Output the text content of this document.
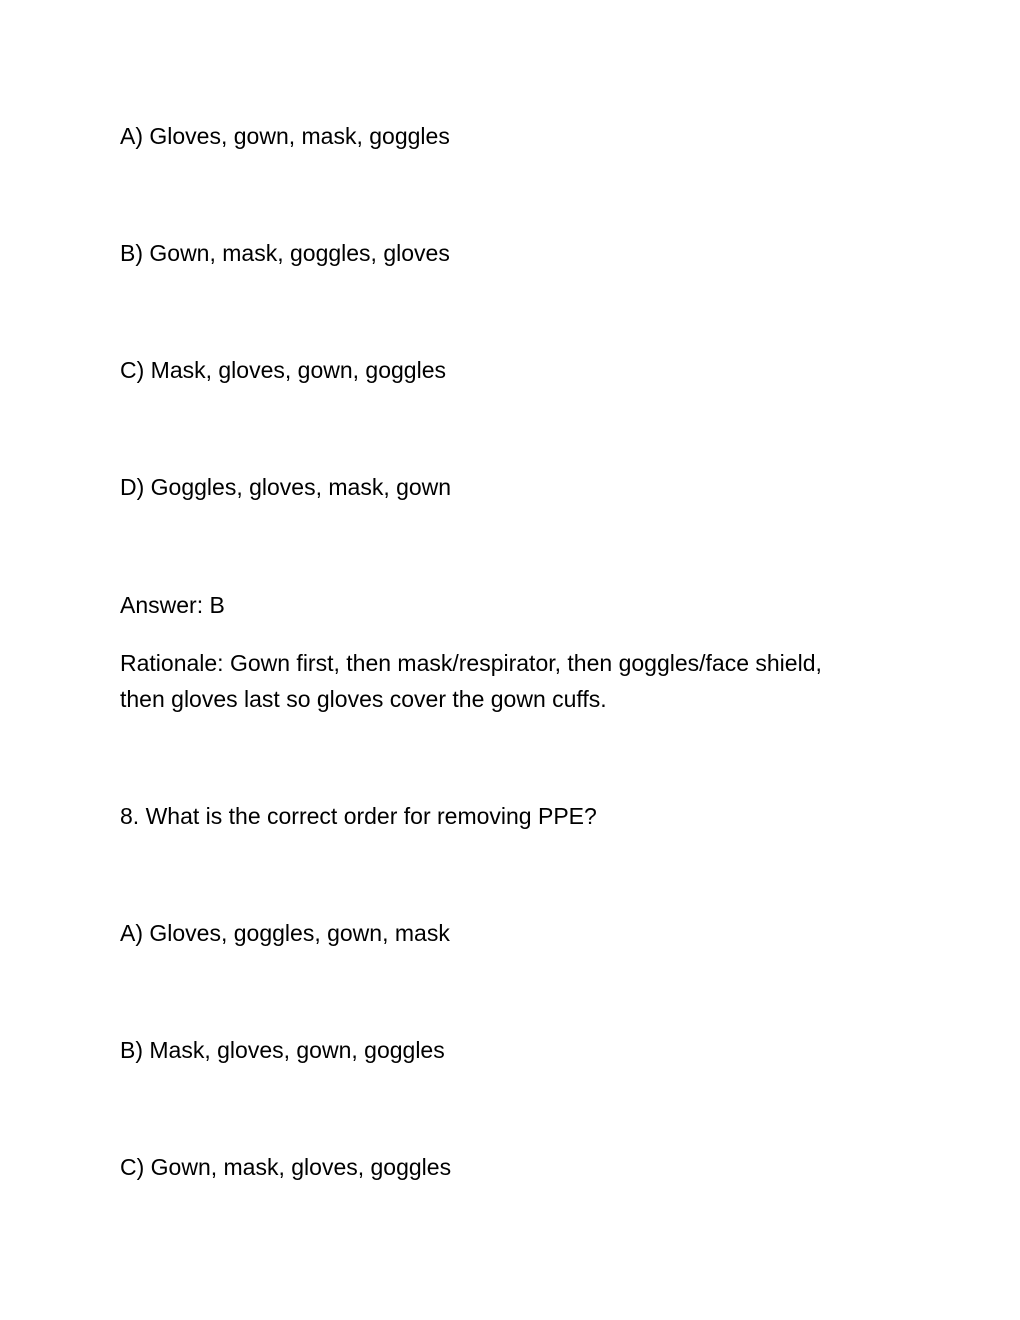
A) Gloves, gown, mask, goggles
B) Gown, mask, goggles, gloves
C) Mask, gloves, gown, goggles
D) Goggles, gloves, mask, gown
Answer: B
Rationale: Gown first, then mask/respirator, then goggles/face shield,
then gloves last so gloves cover the gown cuffs.
8. What is the correct order for removing PPE?
A) Gloves, goggles, gown, mask
B) Mask, gloves, gown, goggles
C) Gown, mask, gloves, goggles
